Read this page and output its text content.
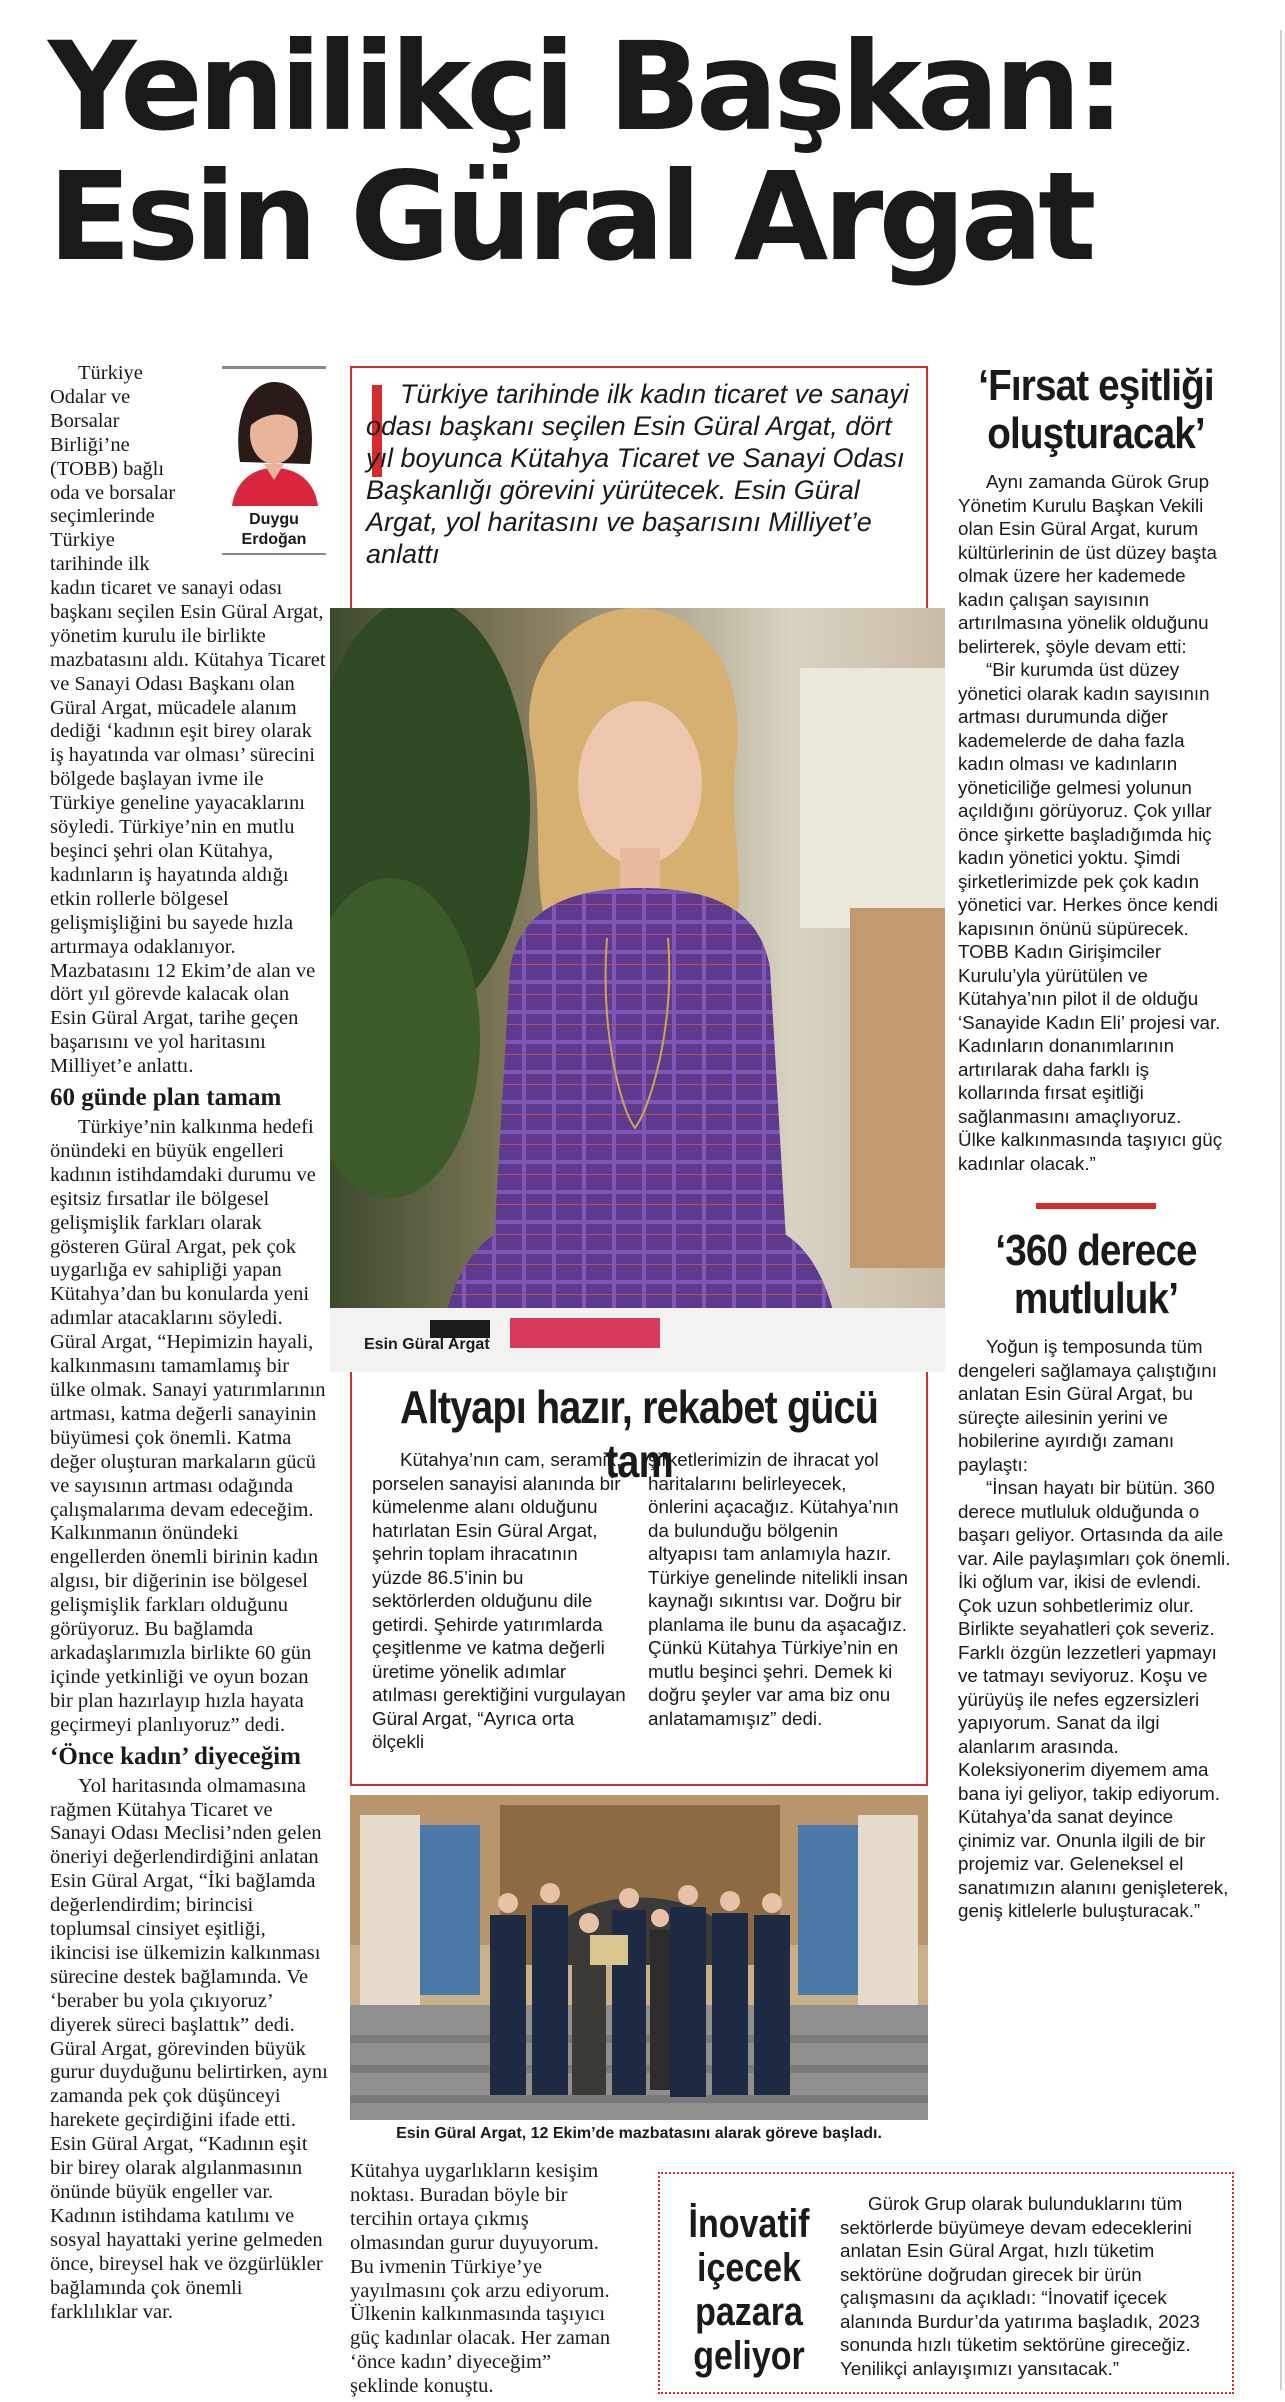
Yenilikçi Başkan:
Esin Güral Argat
Duygu
Erdoğan
Türkiye
Odalar ve
Borsalar
Birliği’ne
(TOBB) bağlı
oda ve borsalar
seçimlerinde
Türkiye
tarihinde ilk

kadın ticaret ve sanayi odası başkanı seçilen Esin Güral Argat, yönetim kurulu ile birlikte mazbatasını aldı. Kütahya Ticaret ve Sanayi Odası Başkanı olan Güral Argat, mücadele alanım dediği ‘kadının eşit birey olarak iş hayatında var olması’ sürecini bölgede başlayan ivme ile Türkiye geneline yayacaklarını söyledi. Türkiye’nin en mutlu beşinci şehri olan Kütahya, kadınların iş hayatında aldığı etkin rollerle bölgesel gelişmişliğini bu sayede hızla artırmaya odaklanıyor. Mazbatasını 12 Ekim’de alan ve dört yıl görevde kalacak olan Esin Güral Argat, tarihe geçen başarısını ve yol haritasını Milliyet’e anlattı.

60 günde plan tamam

Türkiye’nin kalkınma hedefi önündeki en büyük engelleri kadının istihdamdaki durumu ve eşitsiz fırsatlar ile bölgesel gelişmişlik farkları olarak gösteren Güral Argat, pek çok uygarlığa ev sahipliği yapan Kütahya’dan bu konularda yeni adımlar atacaklarını söyledi. Güral Argat, “Hepimizin hayali, kalkınmasını tamamlamış bir ülke olmak. Sanayi yatırımlarının artması, katma değerli sanayinin büyümesi çok önemli. Katma değer oluşturan markaların gücü ve sayısının artması odağında çalışmalarıma devam edeceğim. Kalkınmanın önündeki engellerden önemli birinin kadın algısı, bir diğerinin ise bölgesel gelişmişlik farkları olduğunu görüyoruz. Bu bağlamda arkadaşlarımızla birlikte 60 gün içinde yetkinliği ve oyun bozan bir plan hazırlayıp hızla hayata geçirmeyi planlıyoruz” dedi.

‘Önce kadın’ diyeceğim

Yol haritasında olmamasına rağmen Kütahya Ticaret ve Sanayi Odası Meclisi’nden gelen öneriyi değerlendirdiğini anlatan Esin Güral Argat, “İki bağlamda değerlendirdim; birincisi toplumsal cinsiyet eşitliği, ikincisi ise ülkemizin kalkınması sürecine destek bağlamında. Ve ‘beraber bu yola çıkıyoruz’ diyerek süreci başlattık” dedi. Güral Argat, görevinden büyük gurur duyduğunu belirtirken, aynı zamanda pek çok düşünceyi harekete geçirdiğini ifade etti. Esin Güral Argat, “Kadının eşit bir birey olarak algılanmasının önünde büyük engeller var. Kadının istihdama katılımı ve sosyal hayattaki yerine gelmeden önce, bireysel hak ve özgürlükler bağlamında çok önemli farklılıklar var.

Türkiye tarihinde ilk kadın ticaret ve sanayi odası başkanı seçilen Esin Güral Argat, dört yıl boyunca Kütahya Ticaret ve Sanayi Odası Başkanlığı görevini yürütecek. Esin Güral Argat, yol haritasını ve başarısını Milliyet’e anlattı
Esin Güral Argat
Altyapı hazır, rekabet gücü tam
Kütahya’nın cam, seramik, porselen sanayisi alanında bir kümelenme alanı olduğunu hatırlatan Esin Güral Argat, şehrin toplam ihracatının yüzde 86.5’inin bu sektörlerden olduğunu dile getirdi. Şehirde yatırımlarda çeşitlenme ve katma değerli üretime yönelik adımlar atılması gerektiğini vurgulayan Güral Argat, “Ayrıca orta ölçekli
şirketlerimizin de ihracat yol haritalarını belirleyecek, önlerini açacağız. Kütahya’nın da bulunduğu bölgenin altyapısı tam anlamıyla hazır. Türkiye genelinde nitelikli insan kaynağı sıkıntısı var. Doğru bir planlama ile bunu da aşacağız. Çünkü Kütahya Türkiye’nin en mutlu beşinci şehri. Demek ki doğru şeyler var ama biz onu anlatamamışız” dedi.
Esin Güral Argat, 12 Ekim’de mazbatasını alarak göreve başladı.
Kütahya uygarlıkların kesişim noktası. Buradan böyle bir tercihin ortaya çıkmış olmasından gurur duyuyorum. Bu ivmenin Türkiye’ye yayılmasını çok arzu ediyorum. Ülkenin kalkınmasında taşıyıcı güç kadınlar olacak. Her zaman ‘önce kadın’ diyeceğim” şeklinde konuştu.
‘Fırsat eşitliği
oluşturacak’

Aynı zamanda Gürok Grup Yönetim Kurulu Başkan Vekili olan Esin Güral Argat, kurum kültürlerinin de üst düzey başta olmak üzere her kademede kadın çalışan sayısının artırılmasına yönelik olduğunu belirterek, şöyle devam etti:

“Bir kurumda üst düzey yönetici olarak kadın sayısının artması durumunda diğer kademelerde de daha fazla kadın olması ve kadınların yöneticiliğe gelmesi yolunun açıldığını görüyoruz. Çok yıllar önce şirkette başladığımda hiç kadın yönetici yoktu. Şimdi şirketlerimizde pek çok kadın yönetici var. Herkes önce kendi kapısının önünü süpürecek. TOBB Kadın Girişimciler Kurulu’yla yürütülen ve Kütahya’nın pilot il de olduğu ‘Sanayide Kadın Eli’ projesi var. Kadınların donanımlarının artırılarak daha farklı iş kollarında fırsat eşitliği sağlanmasını amaçlıyoruz.

Ülke kalkınmasında taşıyıcı güç kadınlar olacak.”

‘360 derece
mutluluk’

Yoğun iş temposunda tüm dengeleri sağlamaya çalıştığını anlatan Esin Güral Argat, bu süreçte ailesinin yerini ve hobilerine ayırdığı zamanı paylaştı:

“İnsan hayatı bir bütün. 360 derece mutluluk olduğunda o başarı geliyor. Ortasında da aile var. Aile paylaşımları çok önemli. İki oğlum var, ikisi de evlendi. Çok uzun sohbetlerimiz olur. Birlikte seyahatleri çok severiz. Farklı özgün lezzetleri yapmayı ve tatmayı seviyoruz. Koşu ve yürüyüş ile nefes egzersizleri yapıyorum. Sanat da ilgi alanlarım arasında. Koleksiyonerim diyemem ama bana iyi geliyor, takip ediyorum. Kütahya’da sanat deyince çinimiz var. Onunla ilgili de bir projemiz var. Geleneksel el sanatımızın alanını genişleterek, geniş kitlelerle buluşturacak.”

İnovatif
içecek
pazara
geliyor
Gürok Grup olarak bulunduklarını tüm sektörlerde büyümeye devam edeceklerini anlatan Esin Güral Argat, hızlı tüketim sektörüne doğrudan girecek bir ürün çalışmasını da açıkladı: “İnovatif içecek alanında Burdur’da yatırıma başladık, 2023 sonunda hızlı tüketim sektörüne gireceğiz. Yenilikçi anlayışımızı yansıtacak.”
